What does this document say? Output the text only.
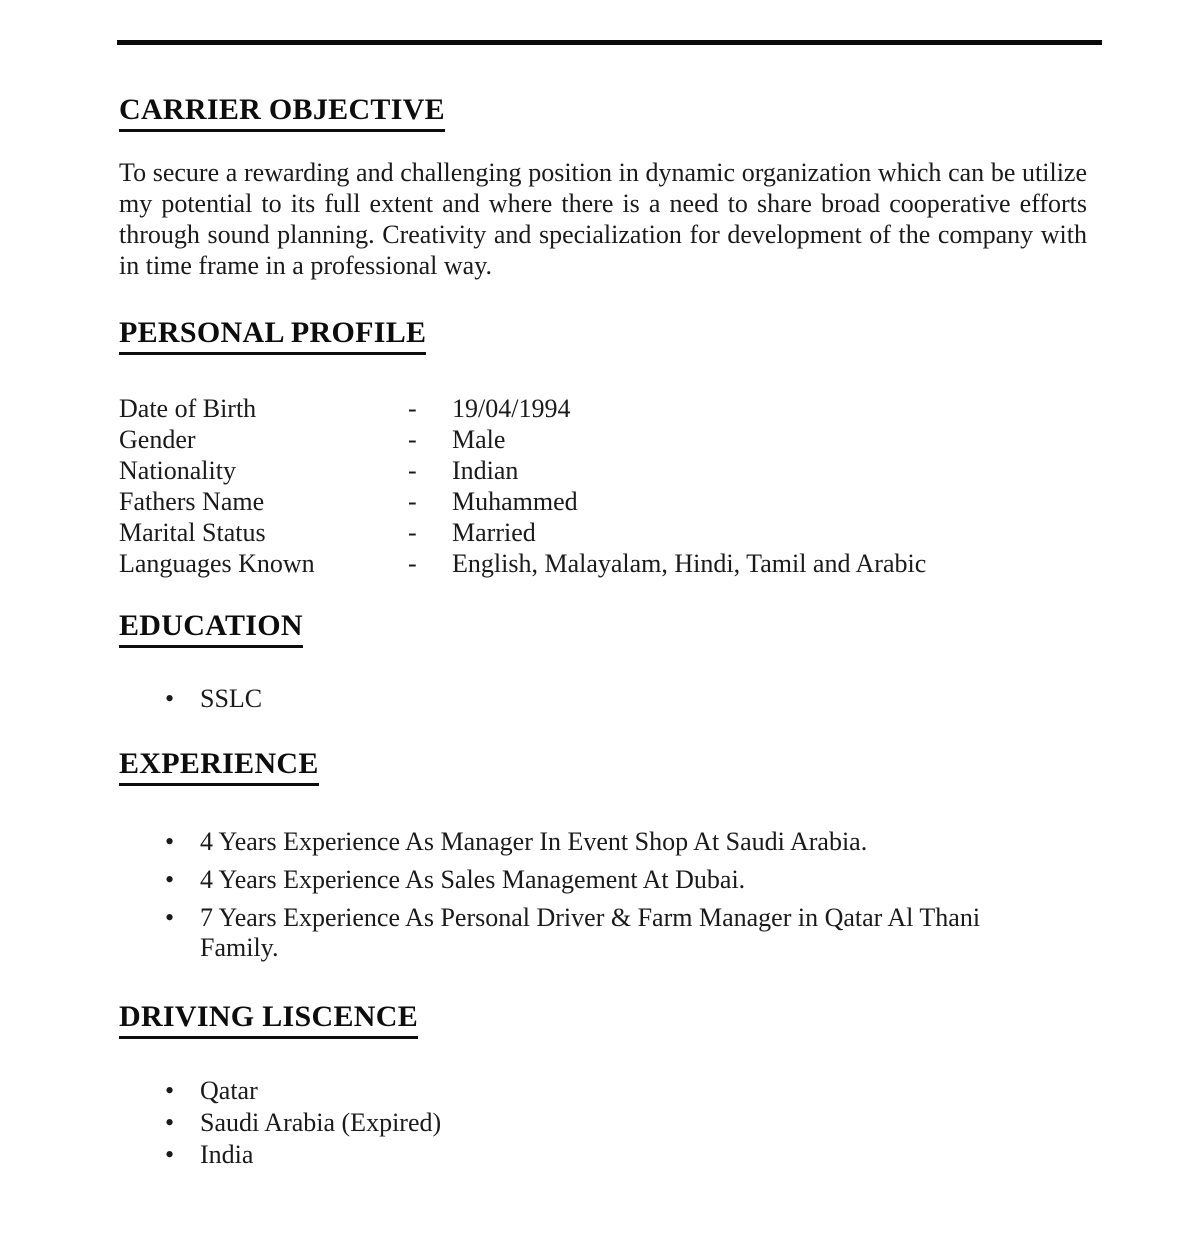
CARRIER OBJECTIVE
To secure a rewarding and challenging position in dynamic organization which can be utilize my potential to its full extent and where there is a need to share broad cooperative efforts through sound planning. Creativity and specialization for development of the company with in time frame in a professional way.
PERSONAL PROFILE
Date of Birth	-	19/04/1994
Gender	-	Male
Nationality	-	Indian
Fathers Name	-	Muhammed
Marital Status	-	Married
Languages Known	-	English, Malayalam, Hindi, Tamil and Arabic
EDUCATION
• SSLC
EXPERIENCE
• 4 Years Experience As Manager In Event Shop At Saudi Arabia.
• 4 Years Experience As Sales Management At Dubai.
• 7 Years Experience As Personal Driver & Farm Manager in Qatar Al Thani Family.
DRIVING LISCENCE
• Qatar
• Saudi Arabia (Expired)
• India
